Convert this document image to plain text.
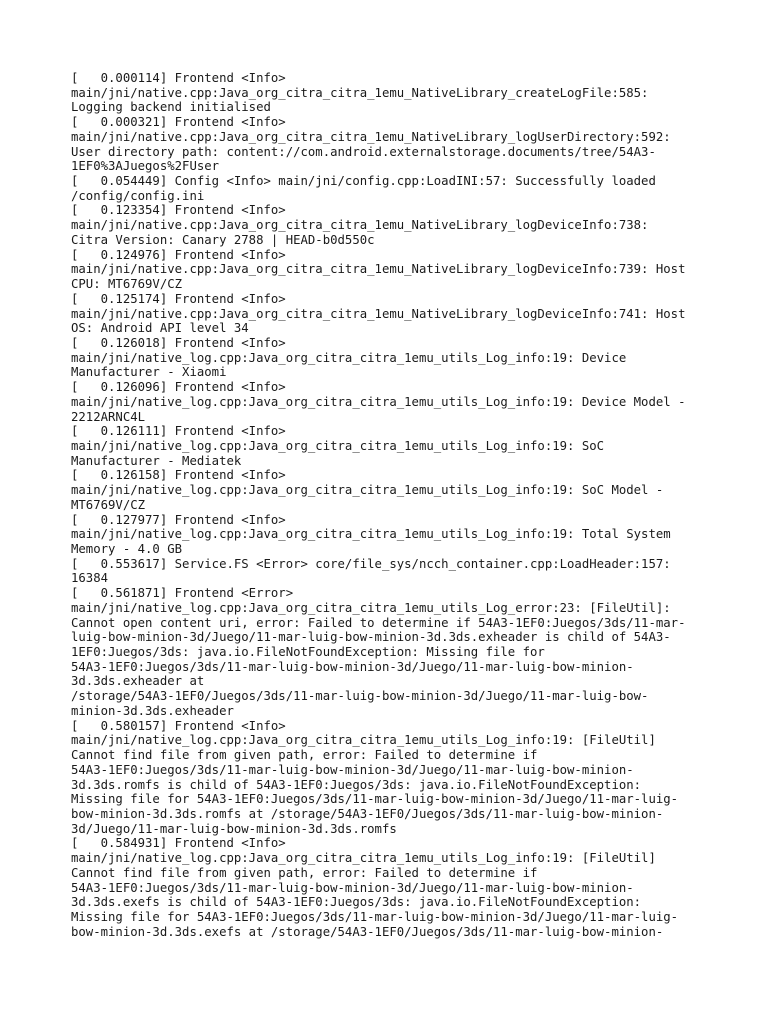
[   0.000114] Frontend <Info>
main/jni/native.cpp:Java_org_citra_citra_1emu_NativeLibrary_createLogFile:585:
Logging backend initialised
[   0.000321] Frontend <Info>
main/jni/native.cpp:Java_org_citra_citra_1emu_NativeLibrary_logUserDirectory:592:
User directory path: content://com.android.externalstorage.documents/tree/54A3-
1EF0%3AJuegos%2FUser
[   0.054449] Config <Info> main/jni/config.cpp:LoadINI:57: Successfully loaded
/config/config.ini
[   0.123354] Frontend <Info>
main/jni/native.cpp:Java_org_citra_citra_1emu_NativeLibrary_logDeviceInfo:738:
Citra Version: Canary 2788 | HEAD-b0d550c
[   0.124976] Frontend <Info>
main/jni/native.cpp:Java_org_citra_citra_1emu_NativeLibrary_logDeviceInfo:739: Host
CPU: MT6769V/CZ
[   0.125174] Frontend <Info>
main/jni/native.cpp:Java_org_citra_citra_1emu_NativeLibrary_logDeviceInfo:741: Host
OS: Android API level 34
[   0.126018] Frontend <Info>
main/jni/native_log.cpp:Java_org_citra_citra_1emu_utils_Log_info:19: Device
Manufacturer - Xiaomi
[   0.126096] Frontend <Info>
main/jni/native_log.cpp:Java_org_citra_citra_1emu_utils_Log_info:19: Device Model -
2212ARNC4L
[   0.126111] Frontend <Info>
main/jni/native_log.cpp:Java_org_citra_citra_1emu_utils_Log_info:19: SoC
Manufacturer - Mediatek
[   0.126158] Frontend <Info>
main/jni/native_log.cpp:Java_org_citra_citra_1emu_utils_Log_info:19: SoC Model -
MT6769V/CZ
[   0.127977] Frontend <Info>
main/jni/native_log.cpp:Java_org_citra_citra_1emu_utils_Log_info:19: Total System
Memory - 4.0 GB
[   0.553617] Service.FS <Error> core/file_sys/ncch_container.cpp:LoadHeader:157:
16384
[   0.561871] Frontend <Error>
main/jni/native_log.cpp:Java_org_citra_citra_1emu_utils_Log_error:23: [FileUtil]:
Cannot open content uri, error: Failed to determine if 54A3-1EF0:Juegos/3ds/11-mar-
luig-bow-minion-3d/Juego/11-mar-luig-bow-minion-3d.3ds.exheader is child of 54A3-
1EF0:Juegos/3ds: java.io.FileNotFoundException: Missing file for
54A3-1EF0:Juegos/3ds/11-mar-luig-bow-minion-3d/Juego/11-mar-luig-bow-minion-
3d.3ds.exheader at
/storage/54A3-1EF0/Juegos/3ds/11-mar-luig-bow-minion-3d/Juego/11-mar-luig-bow-
minion-3d.3ds.exheader
[   0.580157] Frontend <Info>
main/jni/native_log.cpp:Java_org_citra_citra_1emu_utils_Log_info:19: [FileUtil]
Cannot find file from given path, error: Failed to determine if
54A3-1EF0:Juegos/3ds/11-mar-luig-bow-minion-3d/Juego/11-mar-luig-bow-minion-
3d.3ds.romfs is child of 54A3-1EF0:Juegos/3ds: java.io.FileNotFoundException:
Missing file for 54A3-1EF0:Juegos/3ds/11-mar-luig-bow-minion-3d/Juego/11-mar-luig-
bow-minion-3d.3ds.romfs at /storage/54A3-1EF0/Juegos/3ds/11-mar-luig-bow-minion-
3d/Juego/11-mar-luig-bow-minion-3d.3ds.romfs
[   0.584931] Frontend <Info>
main/jni/native_log.cpp:Java_org_citra_citra_1emu_utils_Log_info:19: [FileUtil]
Cannot find file from given path, error: Failed to determine if
54A3-1EF0:Juegos/3ds/11-mar-luig-bow-minion-3d/Juego/11-mar-luig-bow-minion-
3d.3ds.exefs is child of 54A3-1EF0:Juegos/3ds: java.io.FileNotFoundException:
Missing file for 54A3-1EF0:Juegos/3ds/11-mar-luig-bow-minion-3d/Juego/11-mar-luig-
bow-minion-3d.3ds.exefs at /storage/54A3-1EF0/Juegos/3ds/11-mar-luig-bow-minion-
